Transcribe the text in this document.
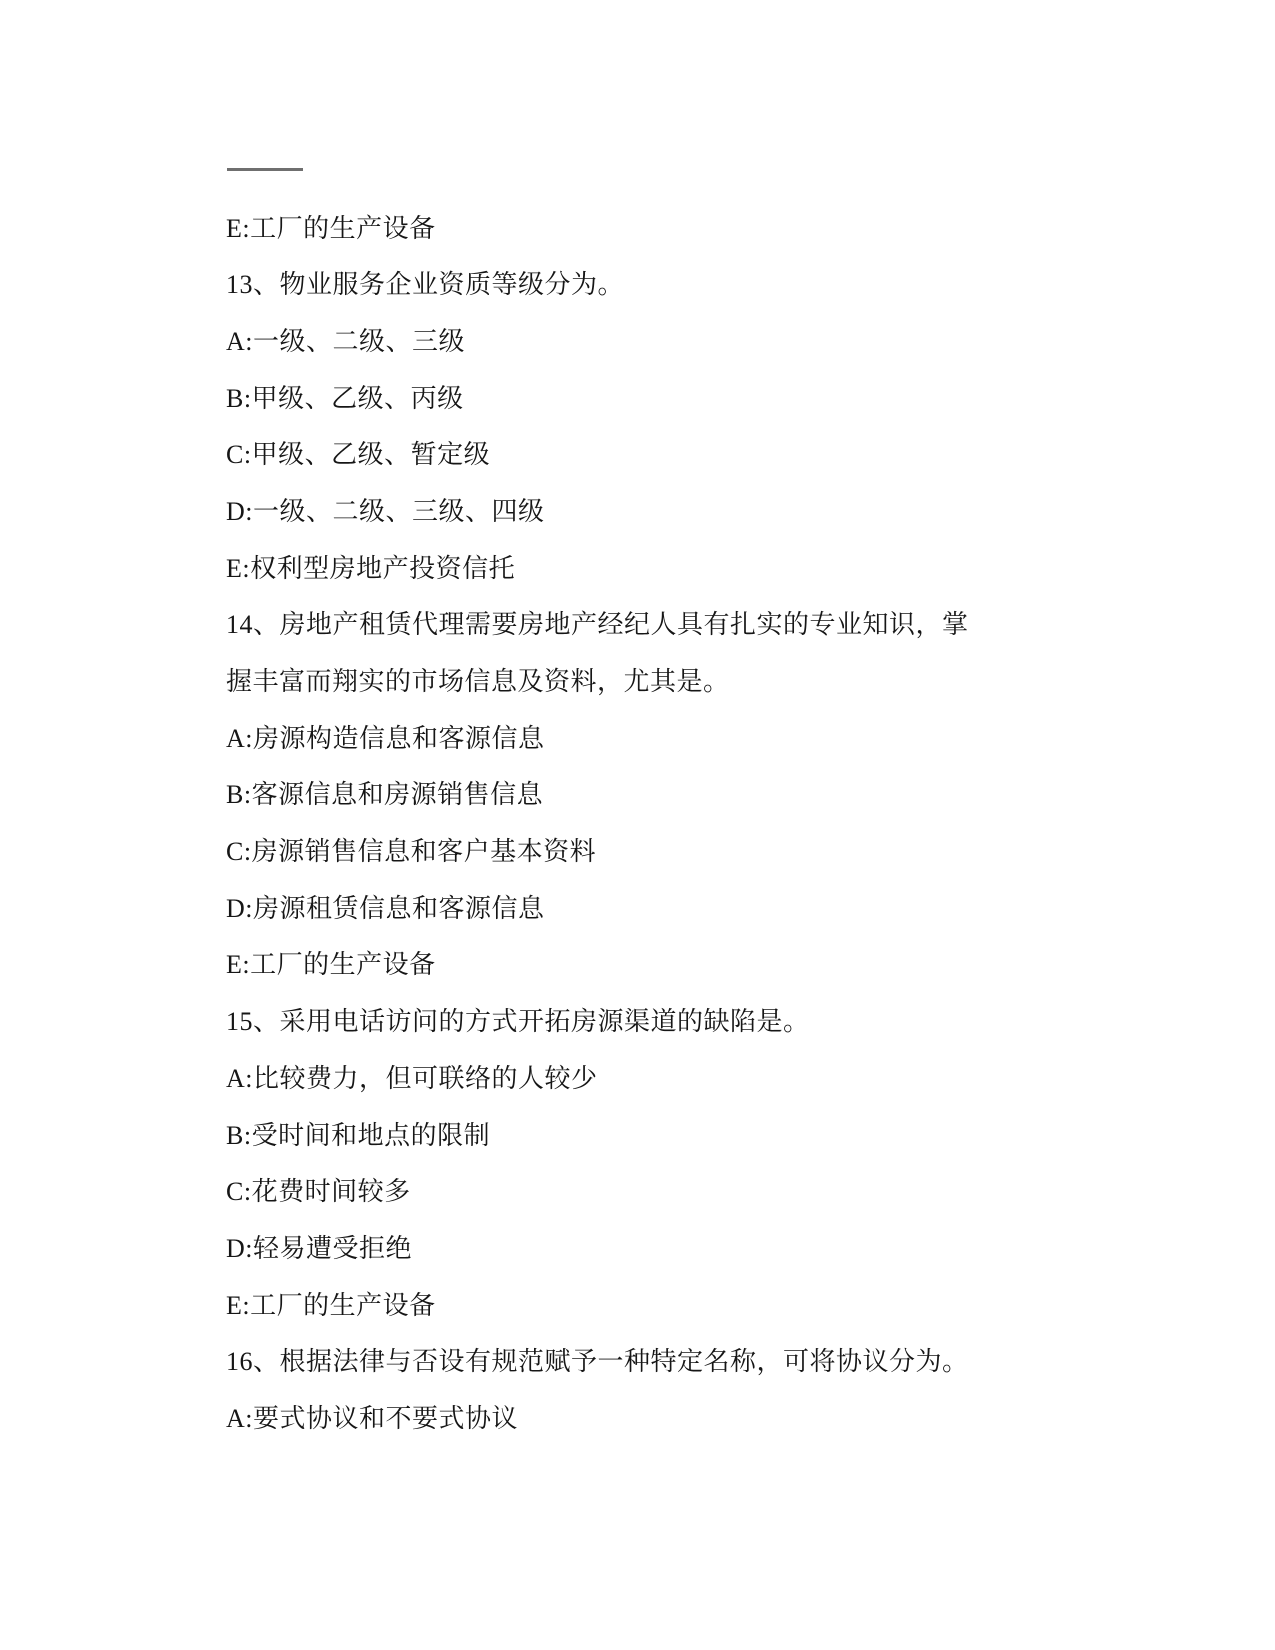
E:工厂的生产设备
13、物业服务企业资质等级分为。
A:一级、二级、三级
B:甲级、乙级、丙级
C:甲级、乙级、暂定级
D:一级、二级、三级、四级
E:权利型房地产投资信托
14、房地产租赁代理需要房地产经纪人具有扎实的专业知识，掌
握丰富而翔实的市场信息及资料，尤其是。
A:房源构造信息和客源信息
B:客源信息和房源销售信息
C:房源销售信息和客户基本资料
D:房源租赁信息和客源信息
E:工厂的生产设备
15、采用电话访问的方式开拓房源渠道的缺陷是。
A:比较费力，但可联络的人较少
B:受时间和地点的限制
C:花费时间较多
D:轻易遭受拒绝
E:工厂的生产设备
16、根据法律与否设有规范赋予一种特定名称，可将协议分为。
A:要式协议和不要式协议
